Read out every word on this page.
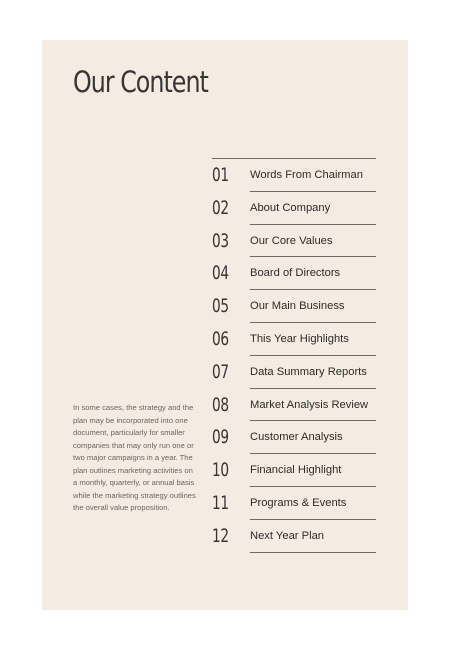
Our Content

In some cases, the strategy and the plan may be incorporated into one document, particularly for smaller companies that may only run one or two major campaigns in a year. The plan outlines marketing activities on a monthly, quarterly, or annual basis while the marketing strategy outlines the overall value proposition.

01 Words From Chairman
02 About Company
03 Our Core Values
04 Board of Directors
05 Our Main Business
06 This Year Highlights
07 Data Summary Reports
08 Market Analysis Review
09 Customer Analysis
10 Financial Highlight
11 Programs & Events
12 Next Year Plan
